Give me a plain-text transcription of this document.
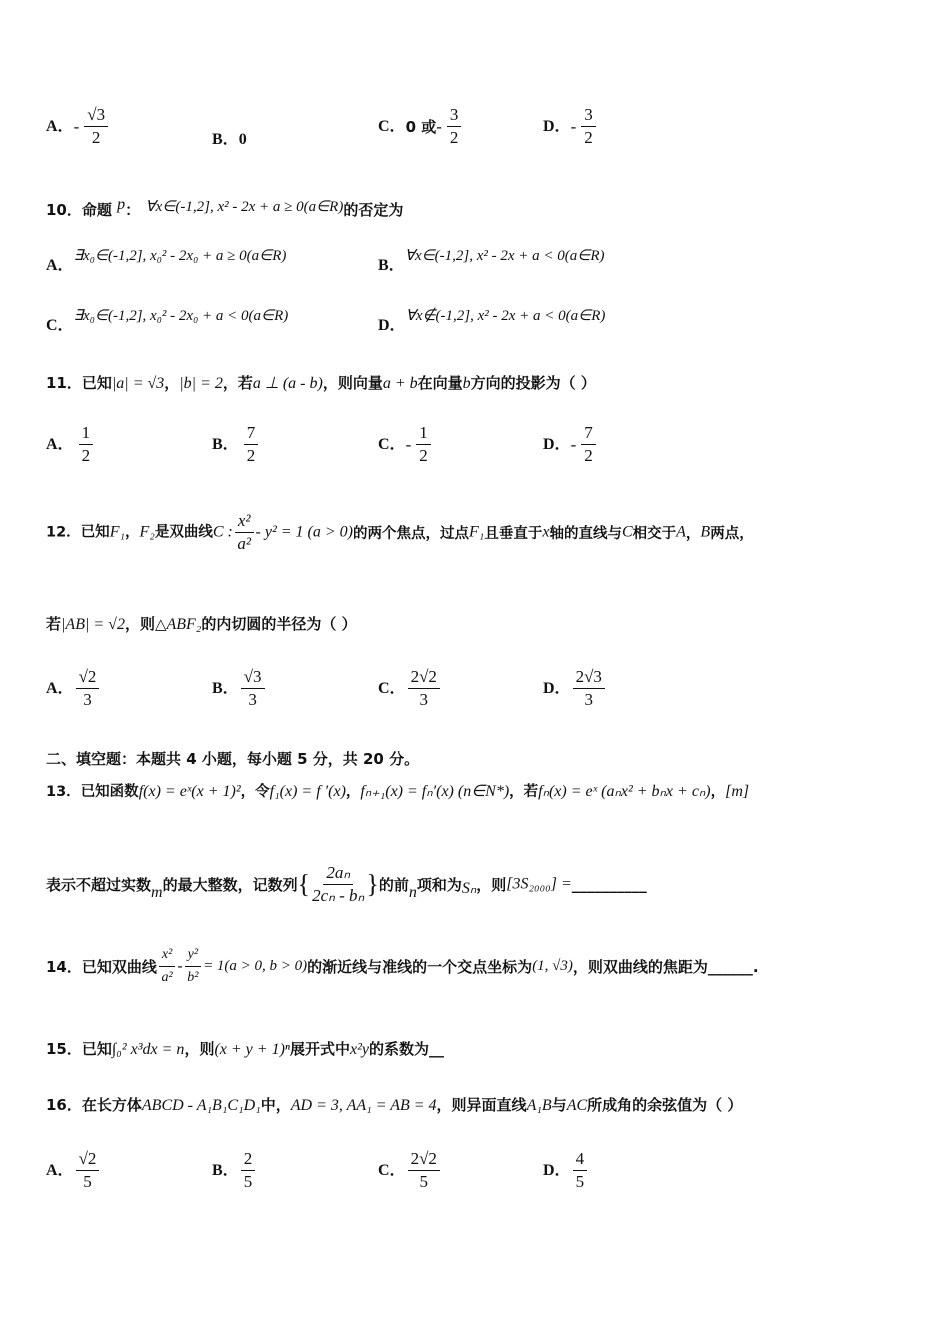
A．- $\frac{√3}{2}$	B．0
C．0 或- $\frac{3}{2}$	D．- $\frac{3}{2}$
10．命题 p： ∀x∈(-1,2], x² - 2x + a ≥ 0(a∈R)的否定为
A．∃x₀∈(-1,2], x₀² - 2x₀ + a ≥ 0(a∈R)
B．∀x∈(-1,2], x² - 2x + a < 0(a∈R)
C．∃x₀∈(-1,2], x₀² - 2x₀ + a < 0(a∈R)
D．∀x∉(-1,2], x² - 2x + a < 0(a∈R)
11．已知|a| = √3，|b| = 2，若a ⊥ (a - b)，则向量a + b在向量b方向的投影为（ ）
A． $\frac{1}{2}$	B． $\frac{7}{2}$	C．- $\frac{1}{2}$	D．- $\frac{7}{2}$
12．已知F₁，F₂是双曲线C : $\frac{\text{x²}}{\text{a²}} - y^2 = 1$ (a > 0)的两个焦点，过点F₁且垂直于x轴的直线与C相交于A，B两点，
若|AB| = √2，则△ABF₂的内切圆的半径为（ ）
A． $\frac{√2}{3}$	B． $\frac{√3}{3}$	C． $\frac{2√2}{3}$	D． $\frac{2√3}{3}$
二、填空题：本题共 4 小题，每小题 5 分，共 20 分。
13．已知函数f(x) = eˣ(x + 1)²，令f₁(x) = f ′(x)，fₙ₊₁(x) = fₙ′(x) (n∈N*)，若fₙ(x) = eˣ (aₙx² + bₙx + cₙ)，[m]
表示不超过实数m的最大整数，记数列{ $\frac{\text{2aₙ}}{\text{2cₙ - bₙ}}$ }的前n项和为Sₙ，则[3S₂₀₀₀] =__________
14．已知双曲线 $\frac{\text{x²}}{\text{a²}} - \frac{\text{y²}}{\text{b²}} = 1(a > 0$, b > 0)的渐近线与准线的一个交点坐标为(1, √3)，则双曲线的焦距为______.
15．已知∫₀² x³dx = n，则(x + y + 1)ⁿ展开式中x²y的系数为__
16．在长方体ABCD - A₁B₁C₁D₁中，AD = 3, AA₁ = AB = 4，则异面直线A₁B与AC所成角的余弦值为（ ）
A． $\frac{√2}{5}$	B． $\frac{2}{5}$	C． $\frac{2√2}{5}$	D． $\frac{4}{5}$
